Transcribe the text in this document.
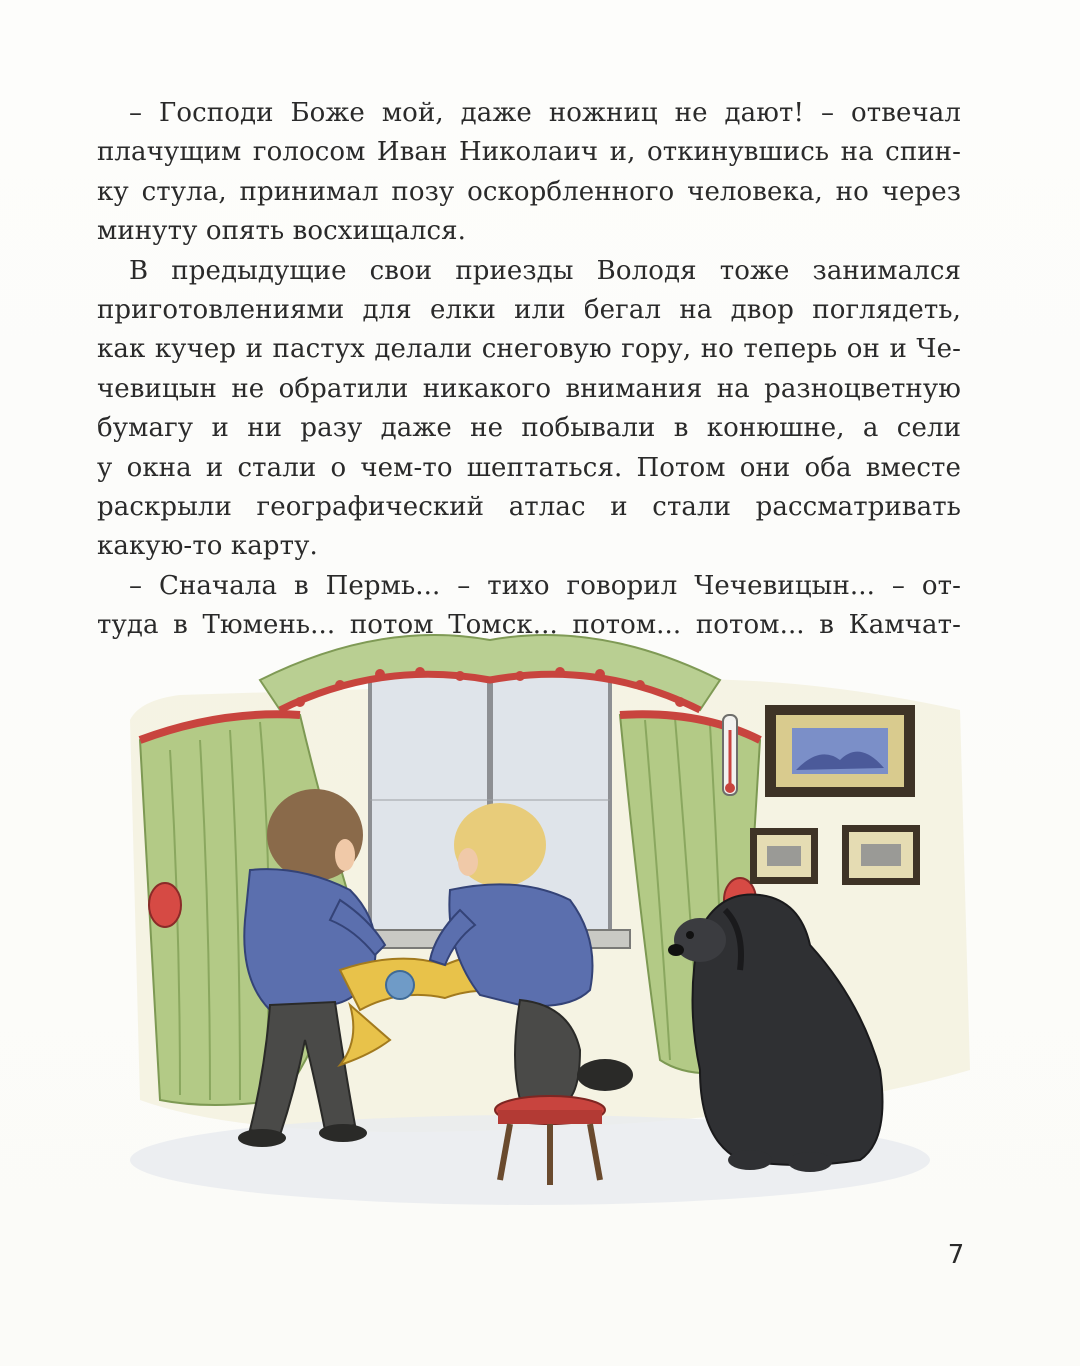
– Господи Боже мой, даже ножниц не дают! – отвечал
плачущим голосом Иван Николаич и, откинувшись на спин-
ку стула, принимал позу оскорбленного человека, но через
минуту опять восхищался.
В предыдущие свои приезды Володя тоже занимался
приготовлениями для елки или бегал на двор поглядеть,
как кучер и пастух делали снеговую гору, но теперь он и Че-
чевицын не обратили никакого внимания на разноцветную
бумагу и ни разу даже не побывали в конюшне, а сели
у окна и стали о чем-то шептаться. Потом они оба вместе
раскрыли географический атлас и стали рассматривать
какую-то карту.
– Сначала в Пермь... – тихо говорил Чечевицын... – от-
туда в Тюмень... потом Томск... потом... потом... в Камчат-
7
